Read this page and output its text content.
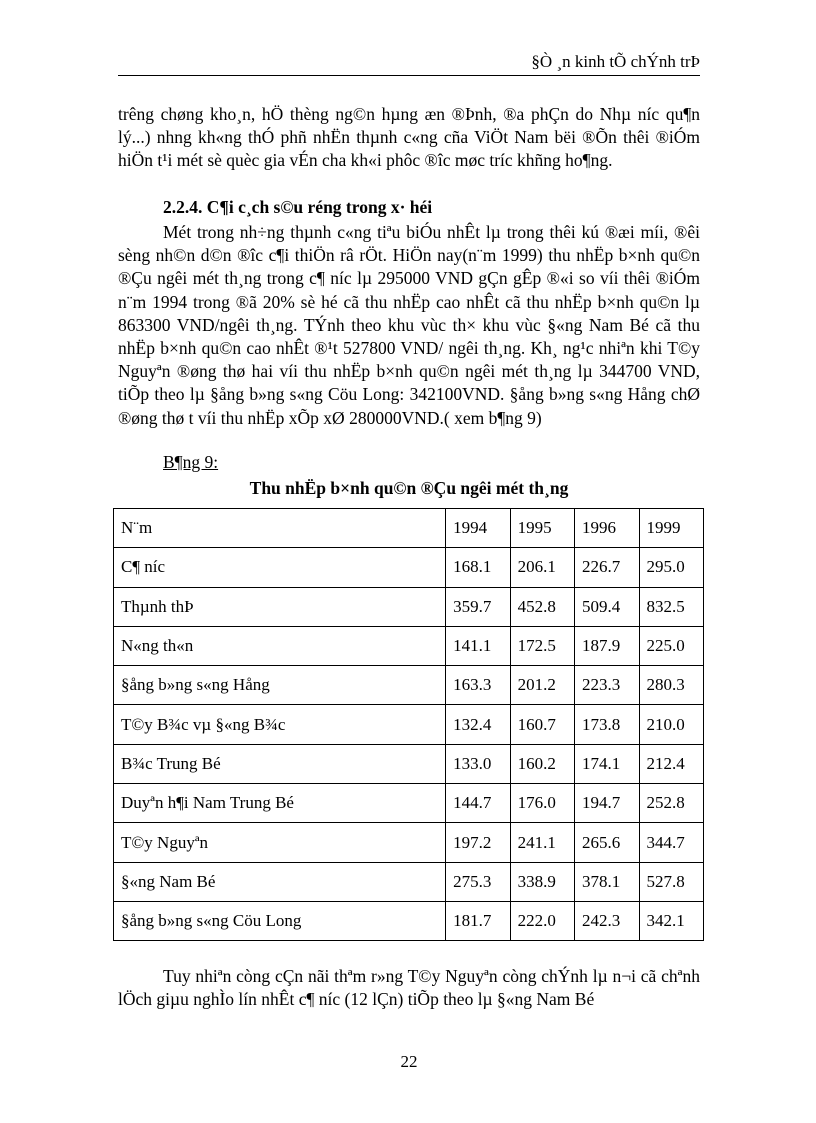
§Ò ¸n kinh tÕ chÝnh trÞ

trêng chøng kho¸n, hÖ thèng ng©n hµng æn ®Þnh, ®a phÇn do Nhµ níc qu¶n lý...) nhng kh«ng thÓ phñ nhËn thµnh c«ng cña ViÖt Nam bëi ®Õn thêi ®iÓm hiÖn t¹i mét sè quèc gia vÉn cha kh«i phôc ®îc møc tríc khñng ho¶ng.

2.2.4. C¶i c¸ch s©u réng trong x· héi

Mét trong nh÷ng thµnh c«ng tiªu biÓu nhÊt lµ trong thêi kú ®æi míi, ®êi sèng nh©n d©n ®îc c¶i thiÖn râ rÖt. HiÖn nay(n¨m 1999) thu nhËp b×nh qu©n ®Çu ngêi mét th¸ng trong c¶ níc lµ 295000 VND gÇn gÊp ®«i so víi thêi ®iÓm n¨m 1994 trong ®ã 20% sè hé cã thu nhËp cao nhÊt cã thu nhËp b×nh qu©n lµ 863300 VND/ngêi th¸ng. TÝnh theo khu vùc th× khu vùc §«ng Nam Bé cã thu nhËp b×nh qu©n cao nhÊt ®¹t 527800 VND/ ngêi th¸ng. Kh¸ ng¹c nhiªn khi T©y Nguyªn ®øng thø hai víi thu nhËp b×nh qu©n ngêi mét th¸ng lµ 344700 VND, tiÕp theo lµ §ång b»ng s«ng Cöu Long: 342100VND. §ång b»ng s«ng Hång chØ ®øng thø t víi thu nhËp xÕp xØ 280000VND.( xem b¶ng 9)

B¶ng 9:
Thu nhËp b×nh qu©n ®Çu ngêi mét th¸ng
N¨m	1994	1995	1996	1999
C¶ níc	168.1	206.1	226.7	295.0
Thµnh thÞ	359.7	452.8	509.4	832.5
N«ng th«n	141.1	172.5	187.9	225.0
§ång b»ng s«ng Hång	163.3	201.2	223.3	280.3
T©y B¾c vµ §«ng B¾c	132.4	160.7	173.8	210.0
B¾c Trung Bé	133.0	160.2	174.1	212.4
Duyªn h¶i Nam Trung Bé	144.7	176.0	194.7	252.8
T©y Nguyªn	197.2	241.1	265.6	344.7
§«ng Nam Bé	275.3	338.9	378.1	527.8
§ång b»ng s«ng Cöu Long	181.7	222.0	242.3	342.1

Tuy nhiªn còng cÇn nãi thªm r»ng T©y Nguyªn còng chÝnh lµ n¬i cã chªnh lÖch giµu nghÌo lín nhÊt c¶ níc (12 lÇn) tiÕp theo lµ §«ng Nam Bé

22
